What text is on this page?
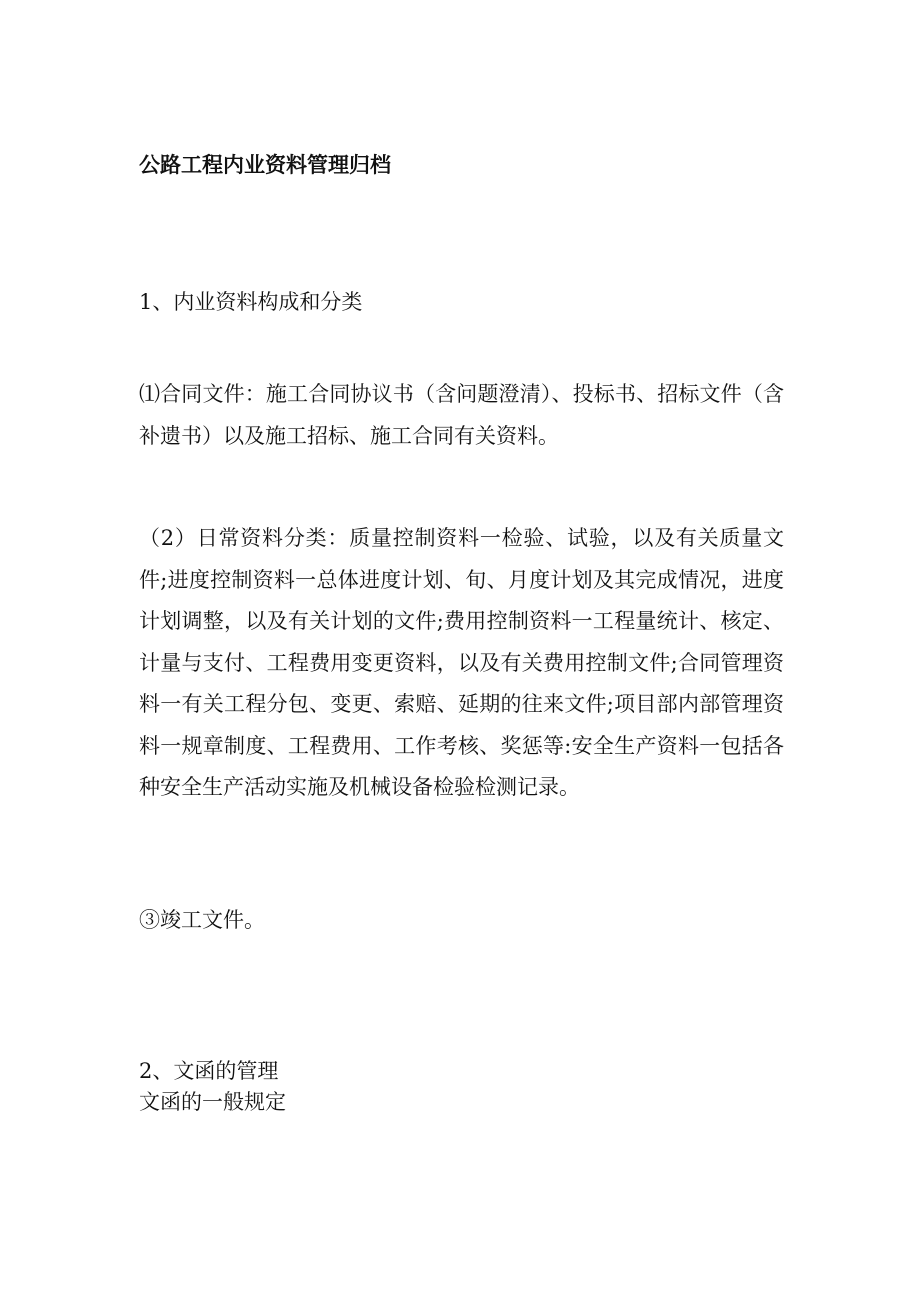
公路工程内业资料管理归档
1、内业资料构成和分类
⑴合同文件：施工合同协议书（含问题澄清）、投标书、招标文件（含补遗书）以及施工招标、施工合同有关资料。
（2）日常资料分类：质量控制资料一检验、试验，以及有关质量文件;进度控制资料一总体进度计划、旬、月度计划及其完成情况，进度计划调整，以及有关计划的文件;费用控制资料一工程量统计、核定、计量与支付、工程费用变更资料，以及有关费用控制文件;合同管理资料一有关工程分包、变更、索赔、延期的往来文件;项目部内部管理资料一规章制度、工程费用、工作考核、奖惩等:安全生产资料一包括各种安全生产活动实施及机械设备检验检测记录。
③竣工文件。
2、文函的管理
文函的一般规定
